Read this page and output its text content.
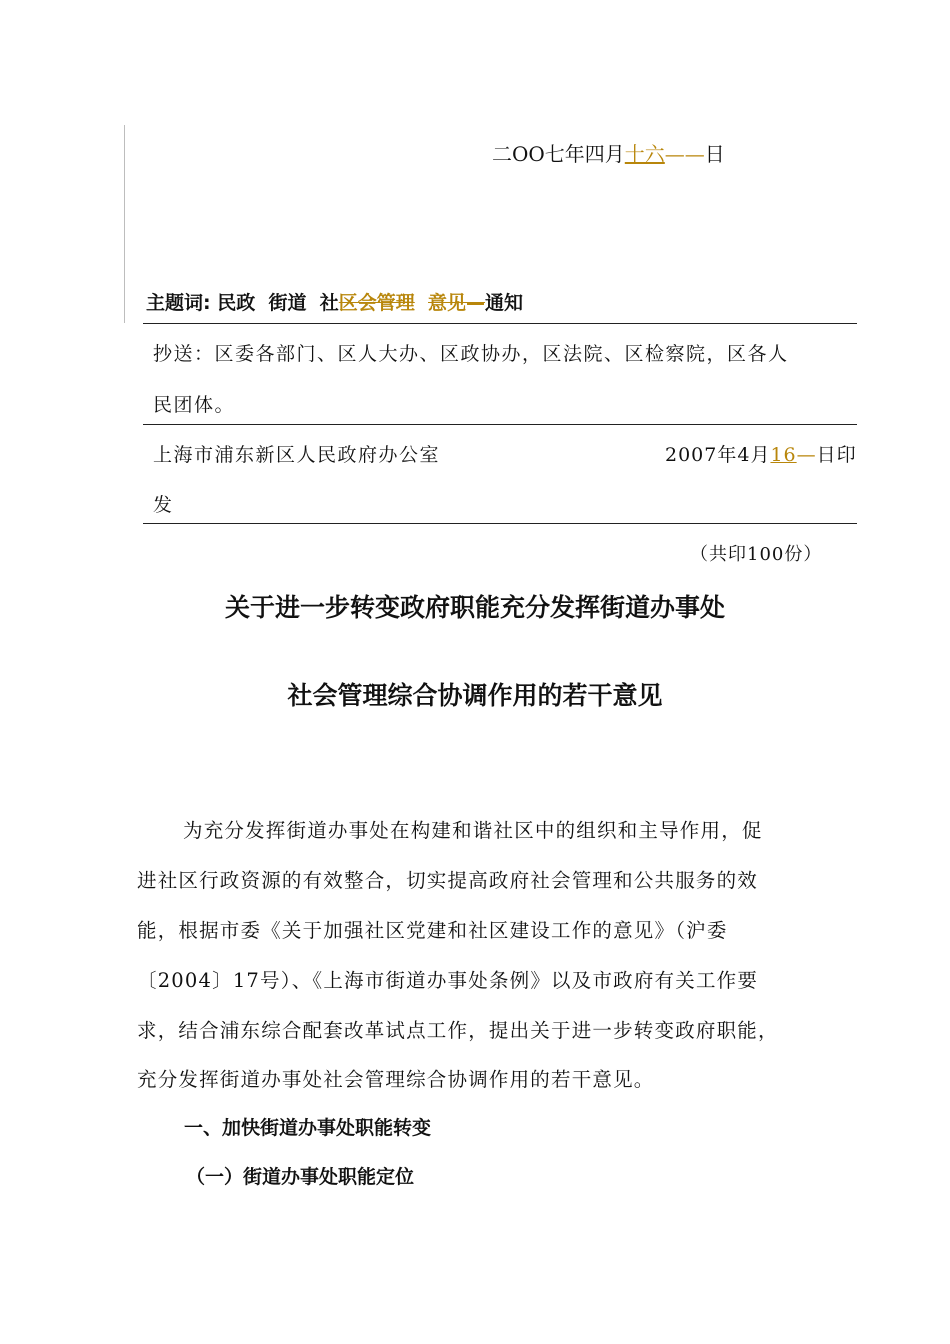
二OO七年四月十六——日
主题词: 民政 街道 社区会管理 意见—通知
抄送：区委各部门、区人大办、区政协办，区法院、区检察院，区各人
民团体。
上海市浦东新区人民政府办公室	2007年4月16—日印
发
（共印100份）
关于进一步转变政府职能充分发挥街道办事处
社会管理综合协调作用的若干意见
为充分发挥街道办事处在构建和谐社区中的组织和主导作用，促
进社区行政资源的有效整合，切实提高政府社会管理和公共服务的效
能，根据市委《关于加强社区党建和社区建设工作的意见》（沪委
〔2004〕17号）、《上海市街道办事处条例》以及市政府有关工作要
求，结合浦东综合配套改革试点工作，提出关于进一步转变政府职能，
充分发挥街道办事处社会管理综合协调作用的若干意见。
一、加快街道办事处职能转变
（一）街道办事处职能定位
